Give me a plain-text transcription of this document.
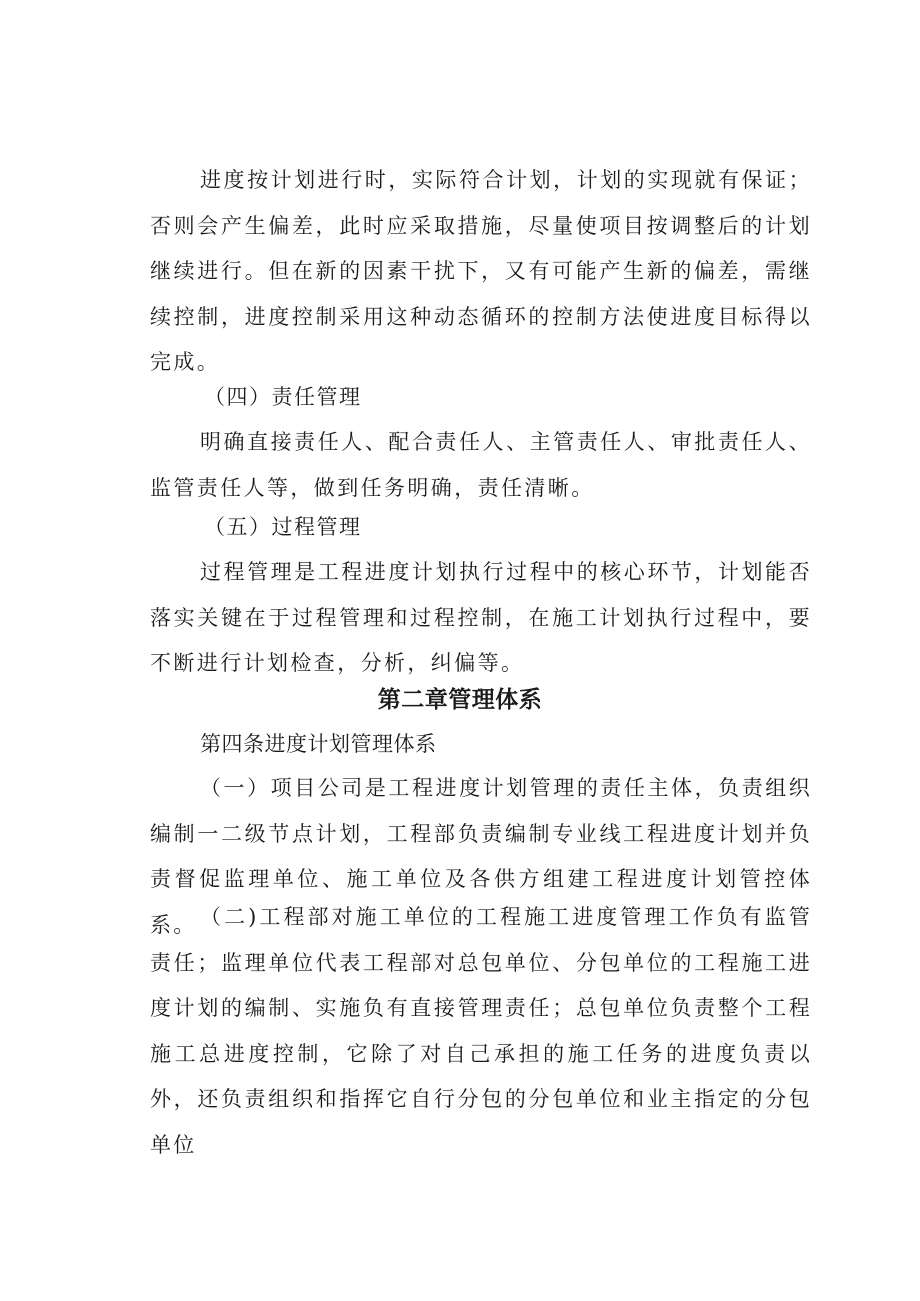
进度按计划进行时，实际符合计划，计划的实现就有保证；否则会产生偏差，此时应采取措施，尽量使项目按调整后的计划继续进行。但在新的因素干扰下，又有可能产生新的偏差，需继续控制，进度控制采用这种动态循环的控制方法使进度目标得以完成。

（四）责任管理

明确直接责任人、配合责任人、主管责任人、审批责任人、监管责任人等，做到任务明确，责任清晰。

（五）过程管理

过程管理是工程进度计划执行过程中的核心环节，计划能否落实关键在于过程管理和过程控制，在施工计划执行过程中，要不断进行计划检查，分析，纠偏等。

第二章管理体系

第四条进度计划管理体系

（一）项目公司是工程进度计划管理的责任主体，负责组织编制一二级节点计划，工程部负责编制专业线工程进度计划并负责督促监理单位、施工单位及各供方组建工程进度计划管控体系。 （二)工程部对施工单位的工程施工进度管理工作负有监管责任；监理单位代表工程部对总包单位、分包单位的工程施工进度计划的编制、实施负有直接管理责任；总包单位负责整个工程施工总进度控制，它除了对自己承担的施工任务的进度负责以外，还负责组织和指挥它自行分包的分包单位和业主指定的分包单位
